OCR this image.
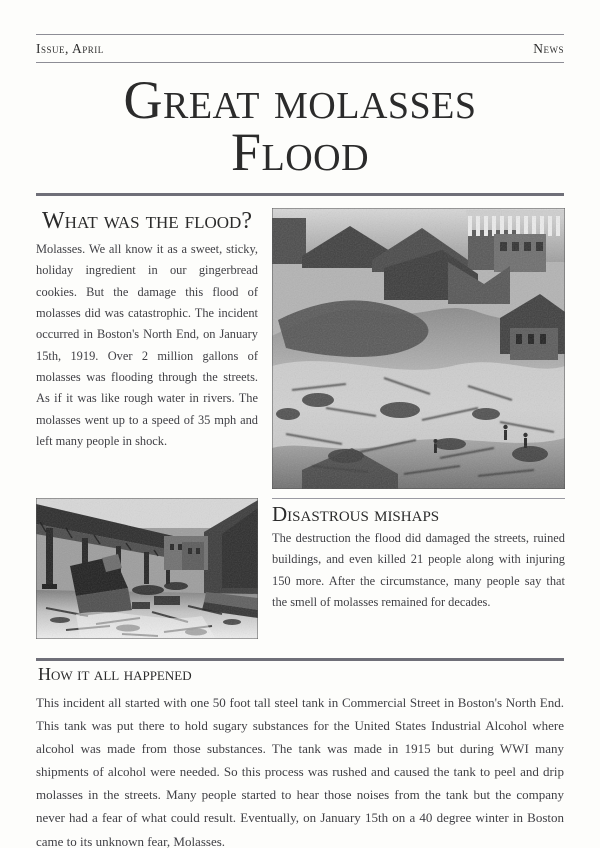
Issue, April	News
Great molasses
Flood
What was the flood?

Molasses. We all know it as a sweet, sticky, holiday ingredient in our gingerbread cookies. But the damage this flood of molasses did was catastrophic. The incident occurred in Boston's North End, on January 15th, 1919. Over 2 million gallons of molasses was flooding through the streets. As if it was like rough water in rivers. The molasses went up to a speed of 35 mph and left many people in shock.

Disastrous mishaps

The destruction the flood did damaged the streets, ruined buildings, and even killed 21 people along with injuring 150 more. After the circumstance, many people say that the smell of molasses remained for decades.

How it all happened

This incident all started with one 50 foot tall steel tank in Commercial Street in Boston's North End. This tank was put there to hold sugary substances for the United States Industrial Alcohol where alcohol was made from those substances. The tank was made in 1915 but during WWI many shipments of alcohol were needed. So this process was rushed and caused the tank to peel and drip molasses in the streets. Many people started to hear those noises from the tank but the company never had a fear of what could result. Eventually, on January 15th on a 40 degree winter in Boston came to its unknown fear, Molasses.
